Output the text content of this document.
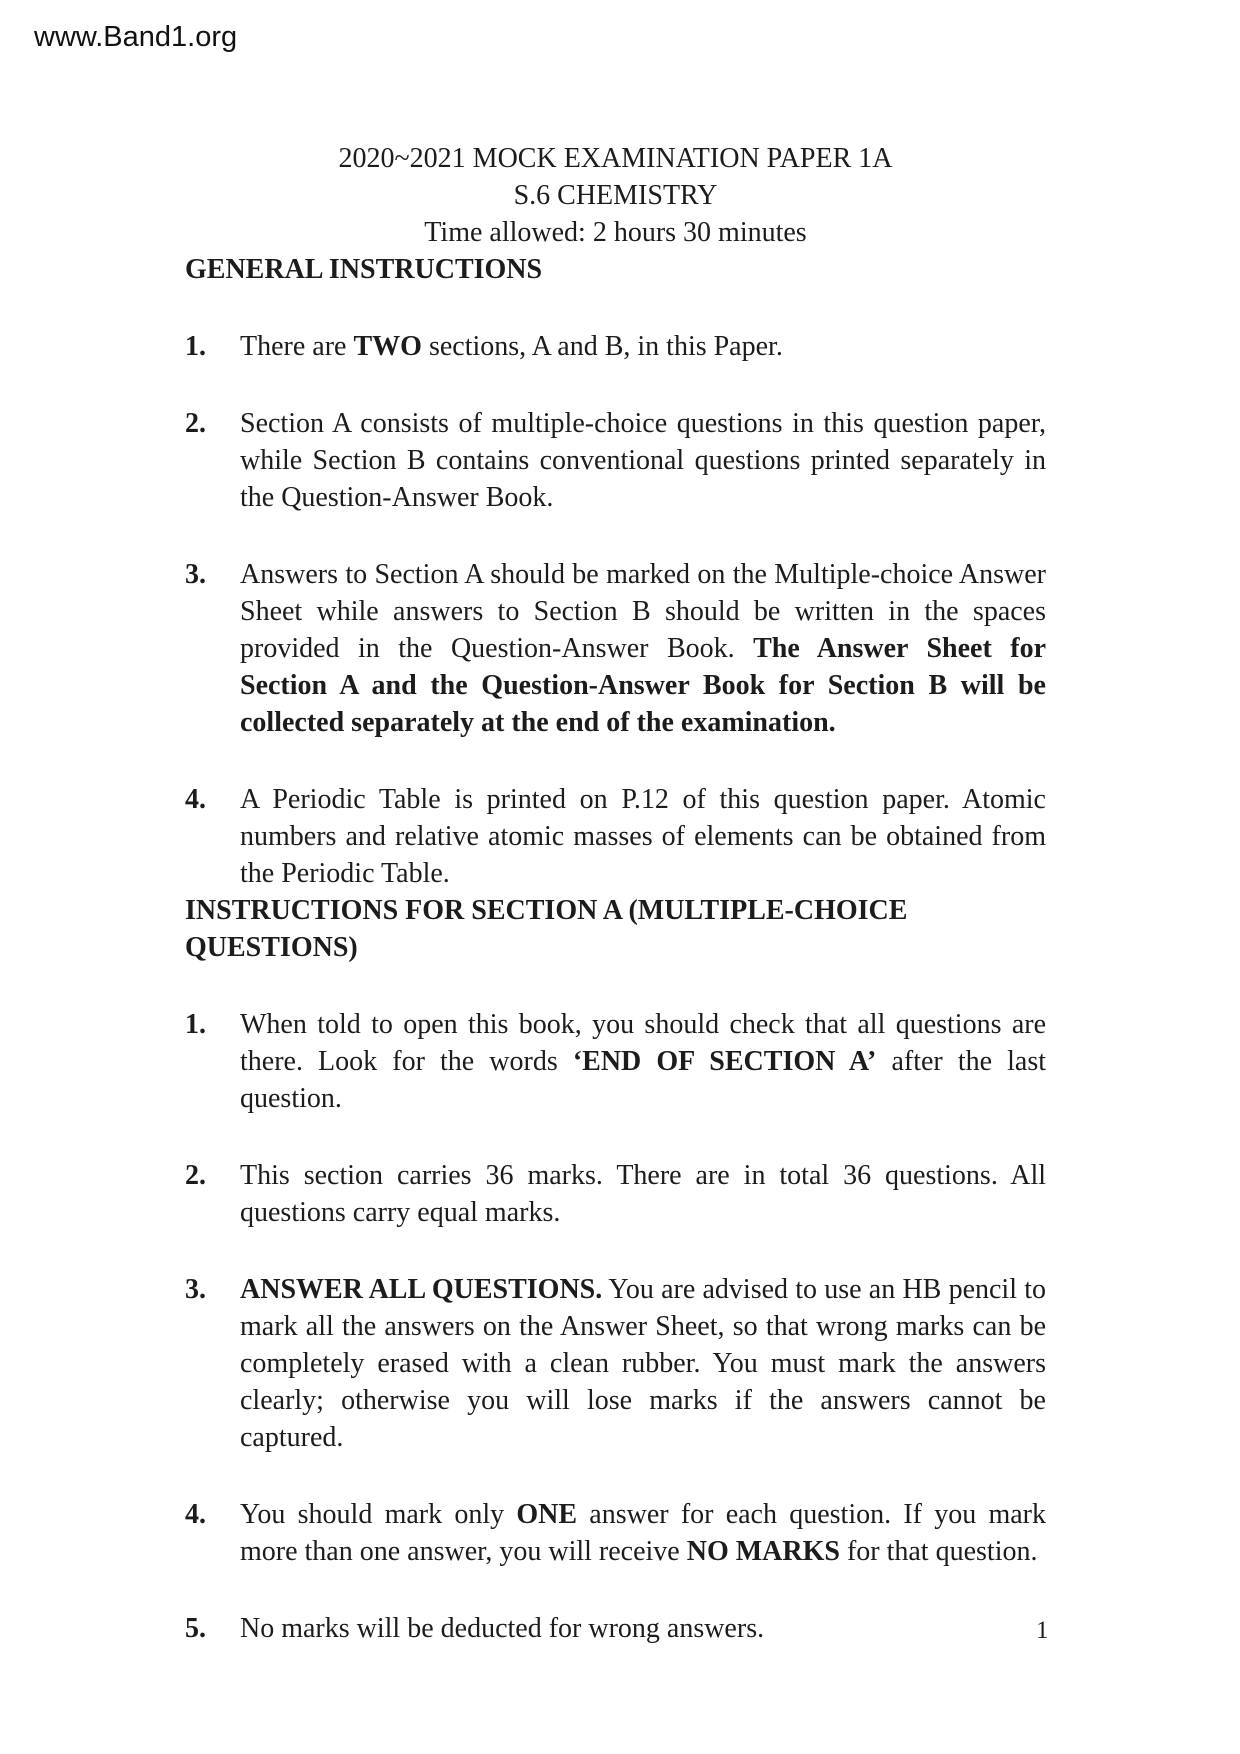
www.Band1.org
2020~2021 MOCK EXAMINATION PAPER 1A
S.6 CHEMISTRY
Time allowed: 2 hours 30 minutes
GENERAL INSTRUCTIONS
1.	There are TWO sections, A and B, in this Paper.
2.	Section A consists of multiple-choice questions in this question paper, while Section B contains conventional questions printed separately in the Question-Answer Book.
3.	Answers to Section A should be marked on the Multiple-choice Answer Sheet while answers to Section B should be written in the spaces provided in the Question-Answer Book. The Answer Sheet for Section A and the Question-Answer Book for Section B will be collected separately at the end of the examination.
4.	A Periodic Table is printed on P.12 of this question paper. Atomic numbers and relative atomic masses of elements can be obtained from the Periodic Table.
INSTRUCTIONS FOR SECTION A (MULTIPLE-CHOICE QUESTIONS)
1.	When told to open this book, you should check that all questions are there. Look for the words ‘END OF SECTION A’ after the last question.
2.	This section carries 36 marks. There are in total 36 questions. All questions carry equal marks.
3.	ANSWER ALL QUESTIONS. You are advised to use an HB pencil to mark all the answers on the Answer Sheet, so that wrong marks can be completely erased with a clean rubber. You must mark the answers clearly; otherwise you will lose marks if the answers cannot be captured.
4.	You should mark only ONE answer for each question. If you mark more than one answer, you will receive NO MARKS for that question.
5.	No marks will be deducted for wrong answers.	1
